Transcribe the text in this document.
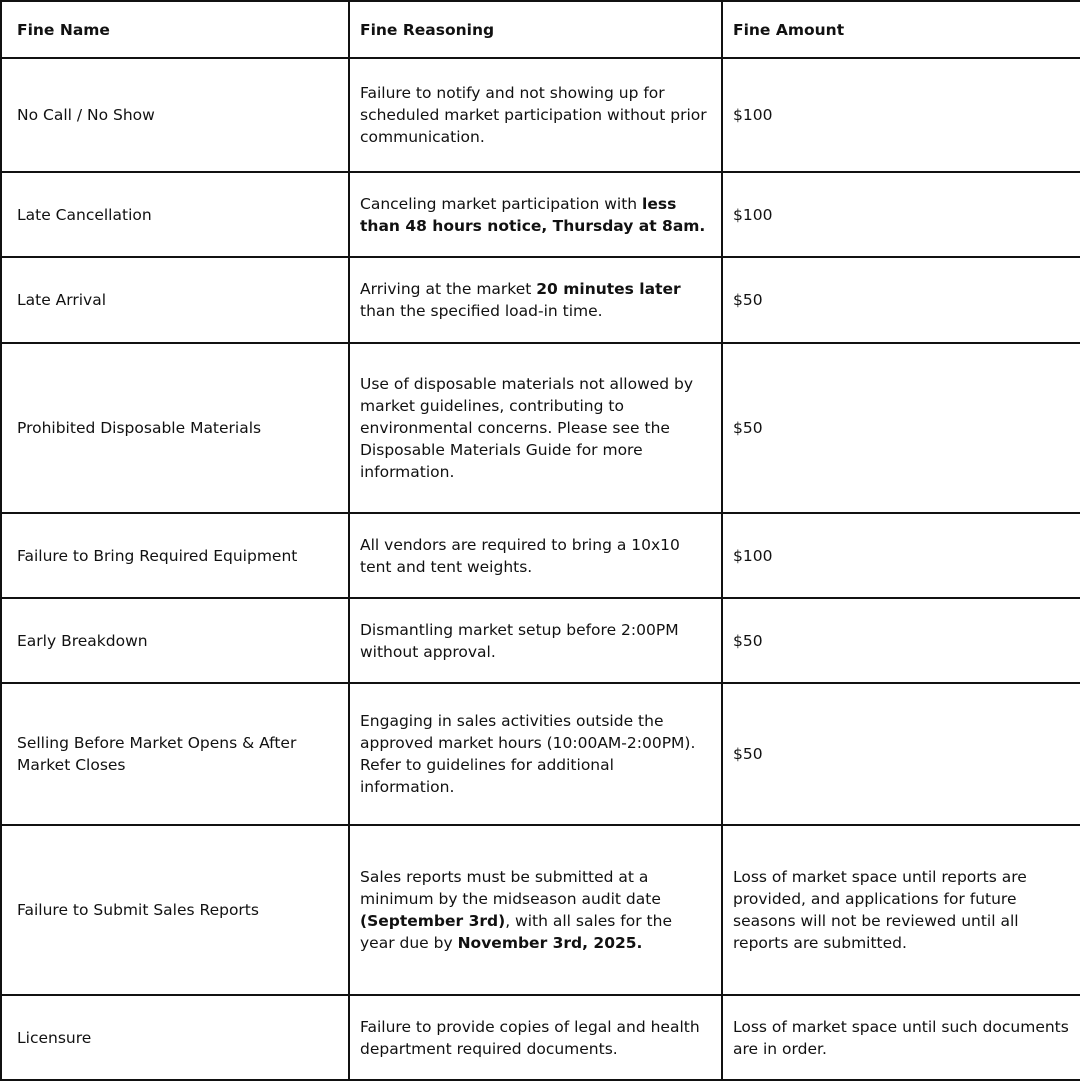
Fine Name	Fine Reasoning	Fine Amount
No Call / No Show	Failure to notify and not showing up for scheduled market participation without prior communication.	$100
Late Cancellation	Canceling market participation with less than 48 hours notice, Thursday at 8am.	$100
Late Arrival	Arriving at the market 20 minutes later than the specified load-in time.	$50
Prohibited Disposable Materials	Use of disposable materials not allowed by market guidelines, contributing to environmental concerns. Please see the Disposable Materials Guide for more information.	$50
Failure to Bring Required Equipment	All vendors are required to bring a 10x10 tent and tent weights.	$100
Early Breakdown	Dismantling market setup before 2:00PM without approval.	$50
Selling Before Market Opens & After Market Closes	Engaging in sales activities outside the approved market hours (10:00AM-2:00PM). Refer to guidelines for additional information.	$50
Failure to Submit Sales Reports	Sales reports must be submitted at a minimum by the midseason audit date (September 3rd), with all sales for the year due by November 3rd, 2025.	Loss of market space until reports are provided, and applications for future seasons will not be reviewed until all reports are submitted.
Licensure	Failure to provide copies of legal and health department required documents.	Loss of market space until such documents are in order.
